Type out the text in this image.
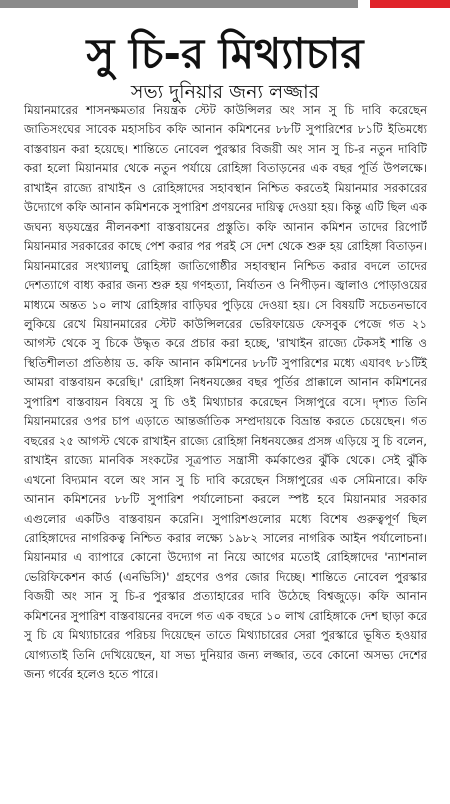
সু চি-র মিথ্যাচার
সভ্য দুনিয়ার জন্য লজ্জার

মিয়ানমারের শাসনক্ষমতার নিয়ন্ত্রক স্টেট কাউন্সিলর অং সান সু চি দাবি করেছেন জাতিসংঘের সাবেক মহাসচিব কফি আনান কমিশনের ৮৮টি সুপারিশের ৮১টি ইতিমধ্যে বাস্তবায়ন করা হয়েছে। শান্তিতে নোবেল পুরস্কার বিজয়ী অং সান সু চি-র নতুন দাবিটি করা হলো মিয়ানমার থেকে নতুন পর্যায়ে রোহিঙ্গা বিতাড়নের এক বছর পূর্তি উপলক্ষে। রাখাইন রাজ্যে রাখাইন ও রোহিঙ্গাদের সহাবস্থান নিশ্চিত করতেই মিয়ানমার সরকারের উদ্যোগে কফি আনান কমিশনকে সুপারিশ প্রণয়নের দায়িত্ব দেওয়া হয়। কিন্তু এটি ছিল এক জঘন্য ষড়যন্ত্রের নীলনকশা বাস্তবায়নের প্রস্তুতি। কফি আনান কমিশন তাদের রিপোর্ট মিয়ানমার সরকারের কাছে পেশ করার পর পরই সে দেশ থেকে শুরু হয় রোহিঙ্গা বিতাড়ন। মিয়ানমারের সংখ্যালঘু রোহিঙ্গা জাতিগোষ্ঠীর সহাবস্থান নিশ্চিত করার বদলে তাদের দেশত্যাগে বাধ্য করার জন্য শুরু হয় গণহত্যা, নির্যাতন ও নিপীড়ন। জ্বালাও পোড়াওয়ের মাধ্যমে অন্তত ১০ লাখ রোহিঙ্গার বাড়িঘর পুড়িয়ে দেওয়া হয়। সে বিষয়টি সচেতনভাবে লুকিয়ে রেখে মিয়ানমারের স্টেট কাউন্সিলরের ভেরিফায়েড ফেসবুক পেজে গত ২১ আগস্ট থেকে সু চিকে উদ্ধৃত করে প্রচার করা হচ্ছে, 'রাখাইন রাজ্যে টেকসই শান্তি ও স্থিতিশীলতা প্রতিষ্ঠায় ড. কফি আনান কমিশনের ৮৮টি সুপারিশের মধ্যে এযাবৎ ৮১টিই আমরা বাস্তবায়ন করেছি।' রোহিঙ্গা নিধনযজ্ঞের বছর পূর্তির প্রাক্কালে আনান কমিশনের সুপারিশ বাস্তবায়ন বিষয়ে সু চি ওই মিথ্যাচার করেছেন সিঙ্গাপুরে বসে। দৃশ্যত তিনি মিয়ানমারের ওপর চাপ এড়াতে আন্তর্জাতিক সম্প্রদায়কে বিভ্রান্ত করতে চেয়েছেন। গত বছরের ২৫ আগস্ট থেকে রাখাইন রাজ্যে রোহিঙ্গা নিধনযজ্ঞের প্রসঙ্গ এড়িয়ে সু চি বলেন, রাখাইন রাজ্যে মানবিক সংকটের সূত্রপাত সন্ত্রাসী কর্মকাণ্ডের ঝুঁকি থেকে। সেই ঝুঁকি এখনো বিদ্যমান বলে অং সান সু চি দাবি করেছেন সিঙ্গাপুরের এক সেমিনারে। কফি আনান কমিশনের ৮৮টি সুপারিশ পর্যালোচনা করলে স্পষ্ট হবে মিয়ানমার সরকার এগুলোর একটিও বাস্তবায়ন করেনি। সুপারিশগুলোর মধ্যে বিশেষ গুরুত্বপূর্ণ ছিল রোহিঙ্গাদের নাগরিকত্ব নিশ্চিত করার লক্ষ্যে ১৯৮২ সালের নাগরিক আইন পর্যালোচনা। মিয়ানমার এ ব্যাপারে কোনো উদ্যোগ না নিয়ে আগের মতোই রোহিঙ্গাদের 'ন্যাশনাল ভেরিফিকেশন কার্ড (এনভিসি)' গ্রহণের ওপর জোর দিচ্ছে। শান্তিতে নোবেল পুরস্কার বিজয়ী অং সান সু চি-র পুরস্কার প্রত্যাহারের দাবি উঠেছে বিশ্বজুড়ে। কফি আনান কমিশনের সুপারিশ বাস্তবায়নের বদলে গত এক বছরে ১০ লাখ রোহিঙ্গাকে দেশ ছাড়া করে সু চি যে মিথ্যাচারের পরিচয় দিয়েছেন তাতে মিথ্যাচারের সেরা পুরস্কারে ভূষিত হওয়ার যোগ্যতাই তিনি দেখিয়েছেন, যা সভ্য দুনিয়ার জন্য লজ্জার, তবে কোনো অসভ্য দেশের জন্য গর্বের হলেও হতে পারে।
